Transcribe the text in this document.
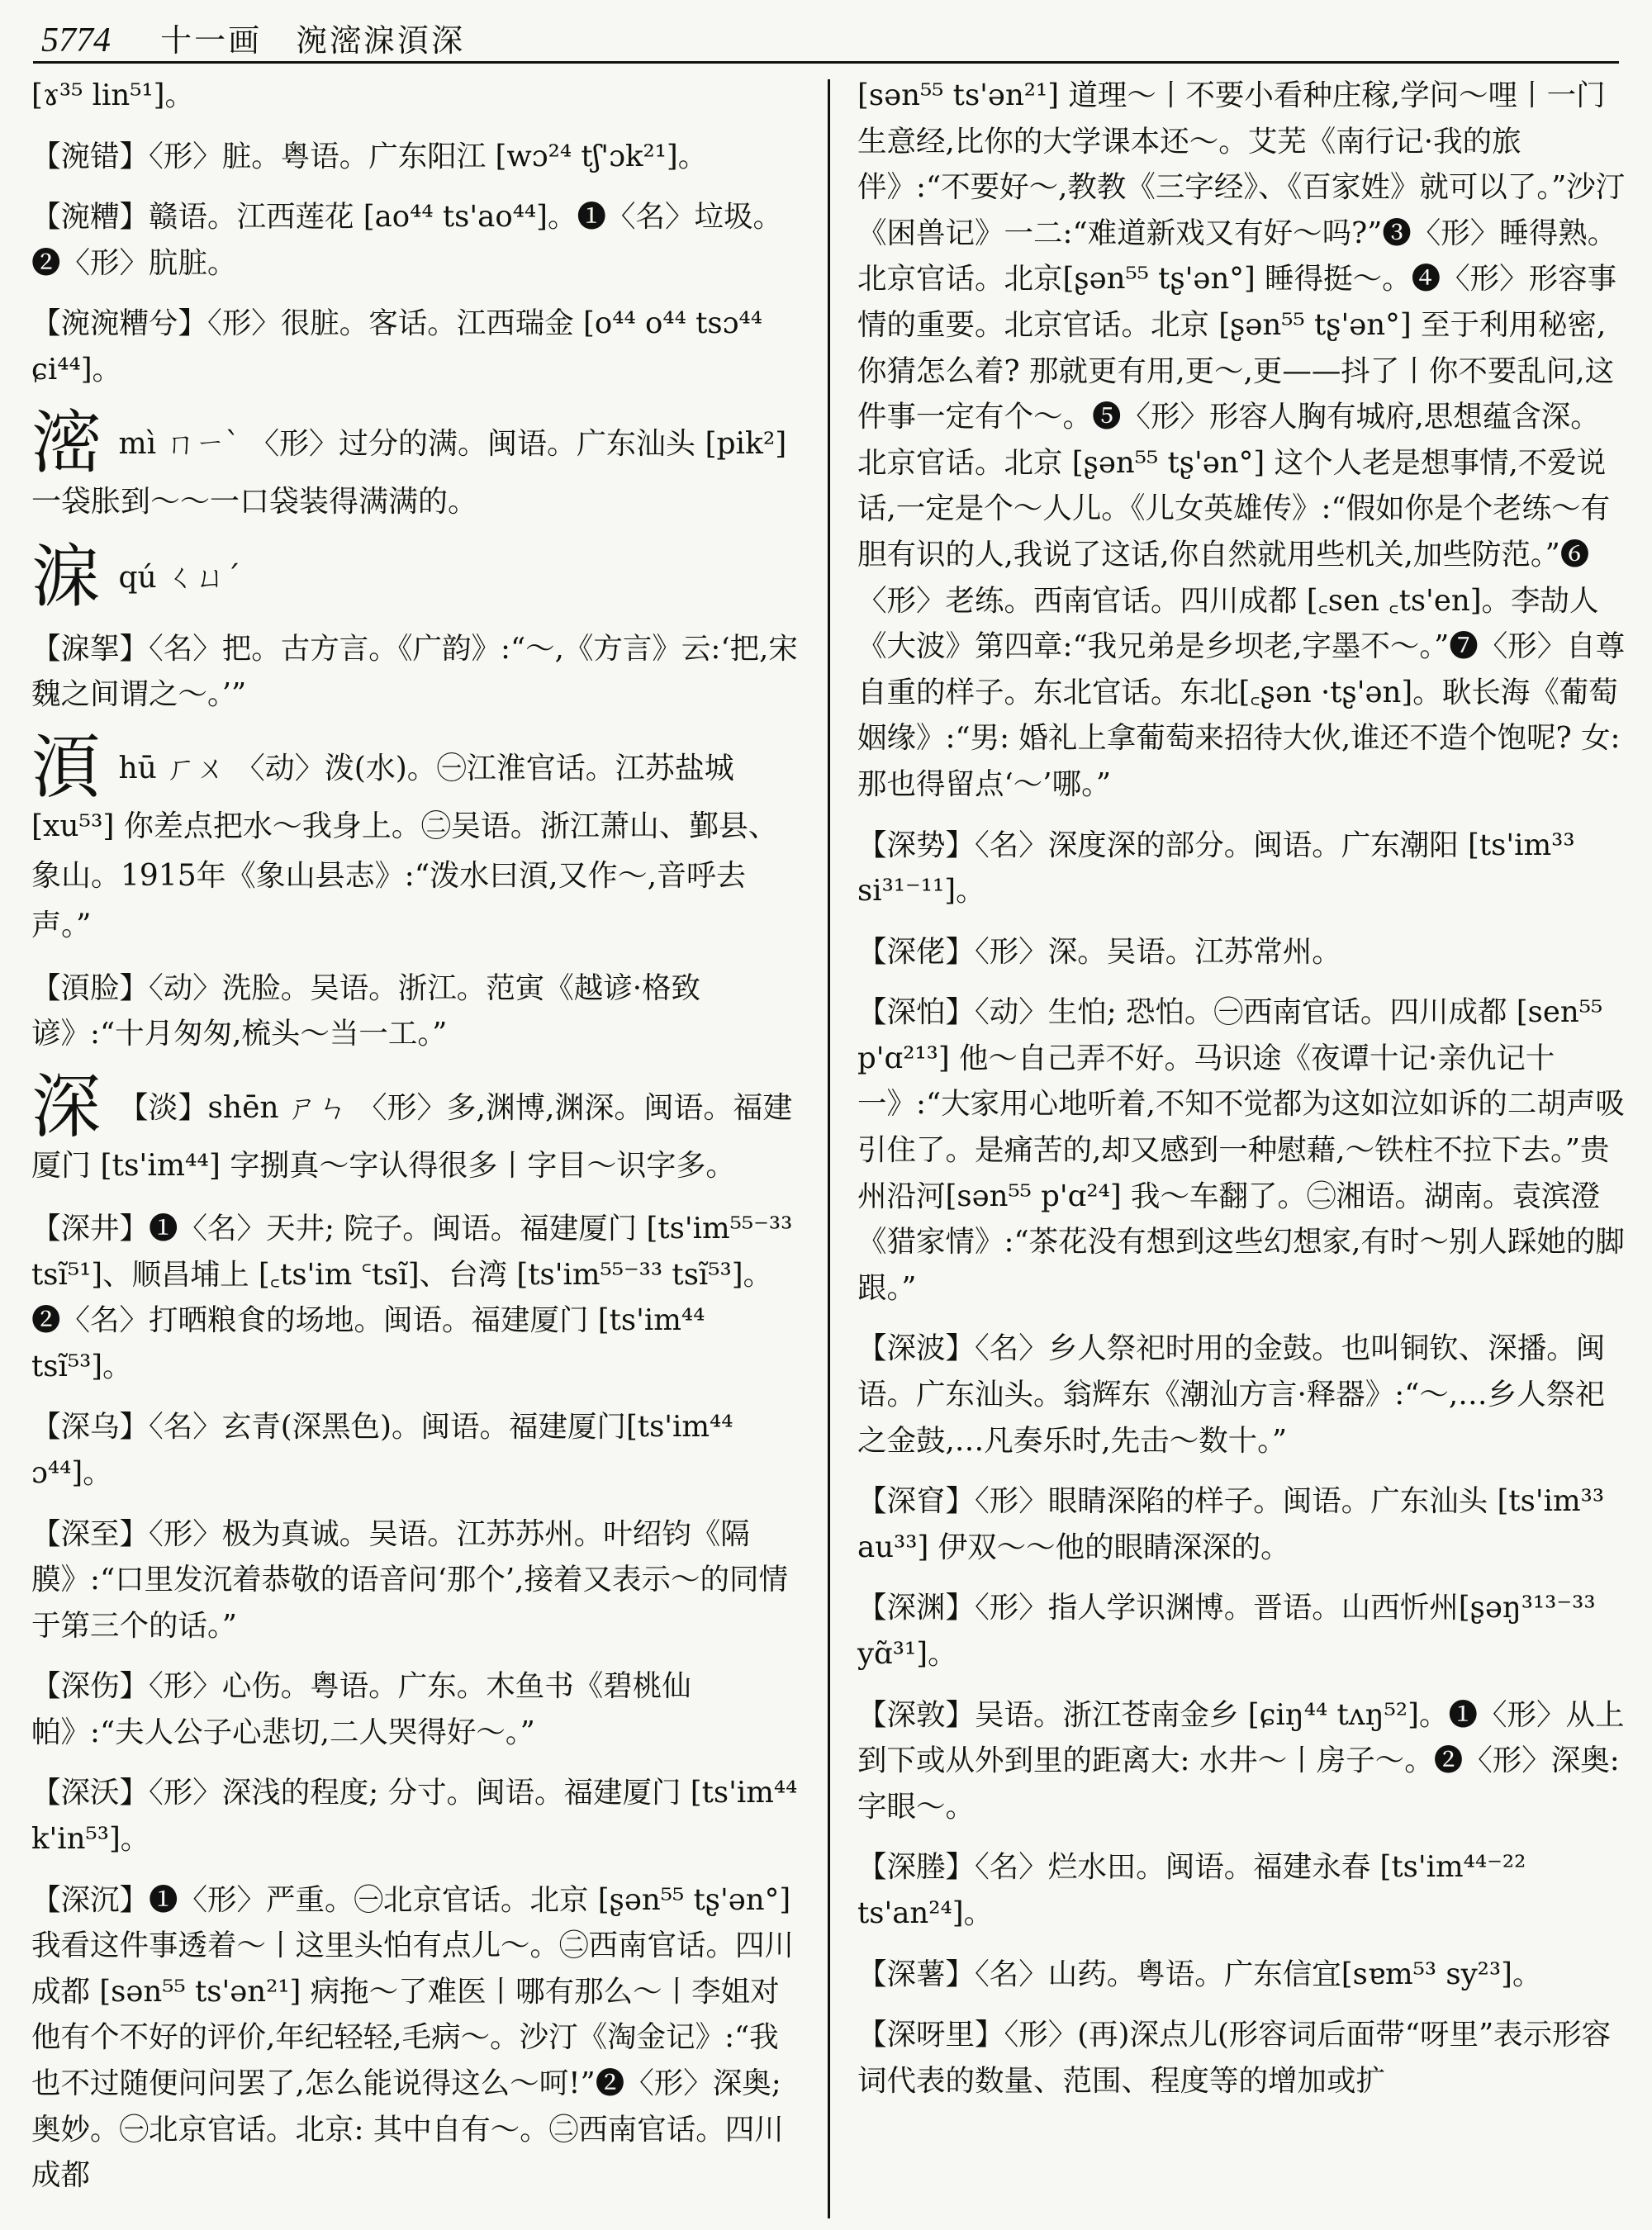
5774 十一画　涴滵淭湏深

[ɤ³⁵ lin⁵¹]。

【涴错】〈形〉脏。粤语。广东阳江 [wɔ²⁴ tʃ'ɔk²¹]。

【涴糟】赣语。江西莲花 [ao⁴⁴ ts'ao⁴⁴]。❶〈名〉垃圾。❷〈形〉肮脏。

【涴涴糟兮】〈形〉很脏。客话。江西瑞金 [o⁴⁴ o⁴⁴ tsɔ⁴⁴ ɕi⁴⁴]。

滵 mì ㄇㄧˋ 〈形〉过分的满。闽语。广东汕头 [pik²] 一袋胀到～～一口袋装得满满的。

淭 qú ㄑㄩˊ

【淭挐】〈名〉把。古方言。《广韵》:“～,《方言》云:‘把,宋魏之间谓之～。’”

湏 hū ㄏㄨ 〈动〉泼(水)。㊀江淮官话。江苏盐城[xu⁵³] 你差点把水～我身上。㊁吴语。浙江萧山、鄞县、象山。1915年《象山县志》:“泼水曰湏,又作～,音呼去声。”

【湏脸】〈动〉洗脸。吴语。浙江。范寅《越谚·格致谚》:“十月匆匆,梳头～当一工。”

深 【淡】shēn ㄕㄣ 〈形〉多,渊博,渊深。闽语。福建厦门 [ts'im⁴⁴] 字捌真～字认得很多丨字目～识字多。

【深井】❶〈名〉天井; 院子。闽语。福建厦门 [ts'im⁵⁵⁻³³ tsĩ⁵¹]、顺昌埔上 [꜀ts'im ꜂tsĩ]、台湾 [ts'im⁵⁵⁻³³ tsĩ⁵³]。❷〈名〉打晒粮食的场地。闽语。福建厦门 [ts'im⁴⁴ tsĩ⁵³]。

【深乌】〈名〉玄青(深黑色)。闽语。福建厦门[ts'im⁴⁴ ɔ⁴⁴]。

【深至】〈形〉极为真诚。吴语。江苏苏州。叶绍钧《隔膜》:“口里发沉着恭敬的语音问‘那个’,接着又表示～的同情于第三个的话。”

【深伤】〈形〉心伤。粤语。广东。木鱼书《碧桃仙帕》:“夫人公子心悲切,二人哭得好～。”

【深沃】〈形〉深浅的程度; 分寸。闽语。福建厦门 [ts'im⁴⁴ k'in⁵³]。

【深沉】❶〈形〉严重。㊀北京官话。北京 [ʂən⁵⁵ tʂ'ən°] 我看这件事透着～丨这里头怕有点儿～。㊁西南官话。四川成都 [sən⁵⁵ ts'ən²¹] 病拖～了难医丨哪有那么～丨李姐对他有个不好的评价,年纪轻轻,毛病～。沙汀《淘金记》:“我也不过随便问问罢了,怎么能说得这么～呵!”❷〈形〉深奥; 奥妙。㊀北京官话。北京: 其中自有～。㊁西南官话。四川成都

[sən⁵⁵ ts'ən²¹] 道理～丨不要小看种庄稼,学问～哩丨一门生意经,比你的大学课本还～。艾芜《南行记·我的旅伴》:“不要好～,教教《三字经》、《百家姓》就可以了。”沙汀《困兽记》一二:“难道新戏又有好～吗?”❸〈形〉睡得熟。北京官话。北京[ʂən⁵⁵ tʂ'ən°] 睡得挺～。❹〈形〉形容事情的重要。北京官话。北京 [ʂən⁵⁵ tʂ'ən°] 至于利用秘密,你猜怎么着? 那就更有用,更～,更——抖了丨你不要乱问,这件事一定有个～。❺〈形〉形容人胸有城府,思想蕴含深。北京官话。北京 [ʂən⁵⁵ tʂ'ən°] 这个人老是想事情,不爱说话,一定是个～人儿。《儿女英雄传》:“假如你是个老练～有胆有识的人,我说了这话,你自然就用些机关,加些防范。”❻〈形〉老练。西南官话。四川成都 [꜀sen ꜀ts'en]。李劼人《大波》第四章:“我兄弟是乡坝老,字墨不～。”❼〈形〉自尊自重的样子。东北官话。东北[꜀ʂən ·tʂ'ən]。耿长海《葡萄姻缘》:“男: 婚礼上拿葡萄来招待大伙,谁还不造个饱呢? 女: 那也得留点‘～’哪。”

【深势】〈名〉深度深的部分。闽语。广东潮阳 [ts'im³³ si³¹⁻¹¹]。

【深佬】〈形〉深。吴语。江苏常州。

【深怕】〈动〉生怕; 恐怕。㊀西南官话。四川成都 [sen⁵⁵ p'ɑ²¹³] 他～自己弄不好。马识途《夜谭十记·亲仇记十一》:“大家用心地听着,不知不觉都为这如泣如诉的二胡声吸引住了。是痛苦的,却又感到一种慰藉,～铁柱不拉下去。”贵州沿河[sən⁵⁵ p'ɑ²⁴] 我～车翻了。㊁湘语。湖南。袁滨澄《猎家情》:“茶花没有想到这些幻想家,有时～别人踩她的脚跟。”

【深波】〈名〉乡人祭祀时用的金鼓。也叫铜钦、深播。闽语。广东汕头。翁辉东《潮汕方言·释器》:“～,…乡人祭祀之金鼓,…凡奏乐时,先击～数十。”

【深窅】〈形〉眼睛深陷的样子。闽语。广东汕头 [ts'im³³ au³³] 伊双～～他的眼睛深深的。

【深渊】〈形〉指人学识渊博。晋语。山西忻州[ʂəŋ³¹³⁻³³ yɑ̃³¹]。

【深敦】吴语。浙江苍南金乡 [ɕiŋ⁴⁴ tʌŋ⁵²]。❶〈形〉从上到下或从外到里的距离大: 水井～丨房子～。❷〈形〉深奥: 字眼～。

【深塍】〈名〉烂水田。闽语。福建永春 [ts'im⁴⁴⁻²² ts'an²⁴]。

【深薯】〈名〉山药。粤语。广东信宜[sɐm⁵³ sy²³]。

【深呀里】〈形〉(再)深点儿(形容词后面带“呀里”表示形容词代表的数量、范围、程度等的增加或扩
